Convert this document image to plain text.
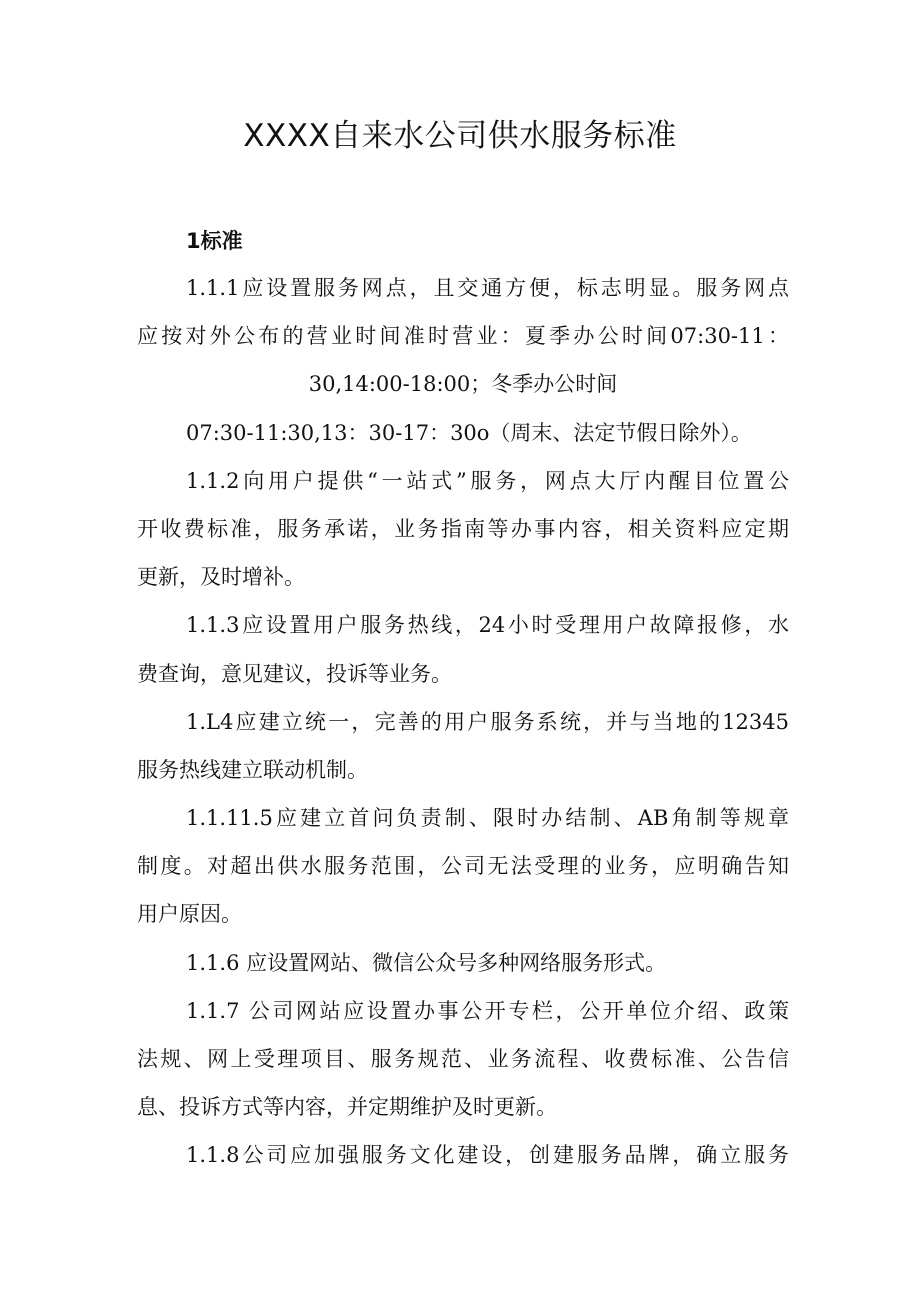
XXXX自来水公司供水服务标准
1标准
1.1.1应设置服务网点，且交通方便，标志明显。服务网点
应按对外公布的营业时间准时营业：夏季办公时间07:30-11：
30,14:00-18:00；冬季办公时间
07:30-11:30,13：30-17：30o（周末、法定节假日除外）。
1.1.2向用户提供“一站式”服务，网点大厅内醒目位置公
开收费标准，服务承诺，业务指南等办事内容，相关资料应定期
更新，及时增补。
1.1.3应设置用户服务热线，24小时受理用户故障报修，水
费查询，意见建议，投诉等业务。
1.L4应建立统一，完善的用户服务系统，并与当地的12345
服务热线建立联动机制。
1.1.11.5应建立首问负责制、限时办结制、AB角制等规章
制度。对超出供水服务范围，公司无法受理的业务，应明确告知
用户原因。
1.1.6 应设置网站、微信公众号多种网络服务形式。
1.1.7 公司网站应设置办事公开专栏，公开单位介绍、政策
法规、网上受理项目、服务规范、业务流程、收费标准、公告信
息、投诉方式等内容，并定期维护及时更新。
1.1.8公司应加强服务文化建设，创建服务品牌，确立服务
